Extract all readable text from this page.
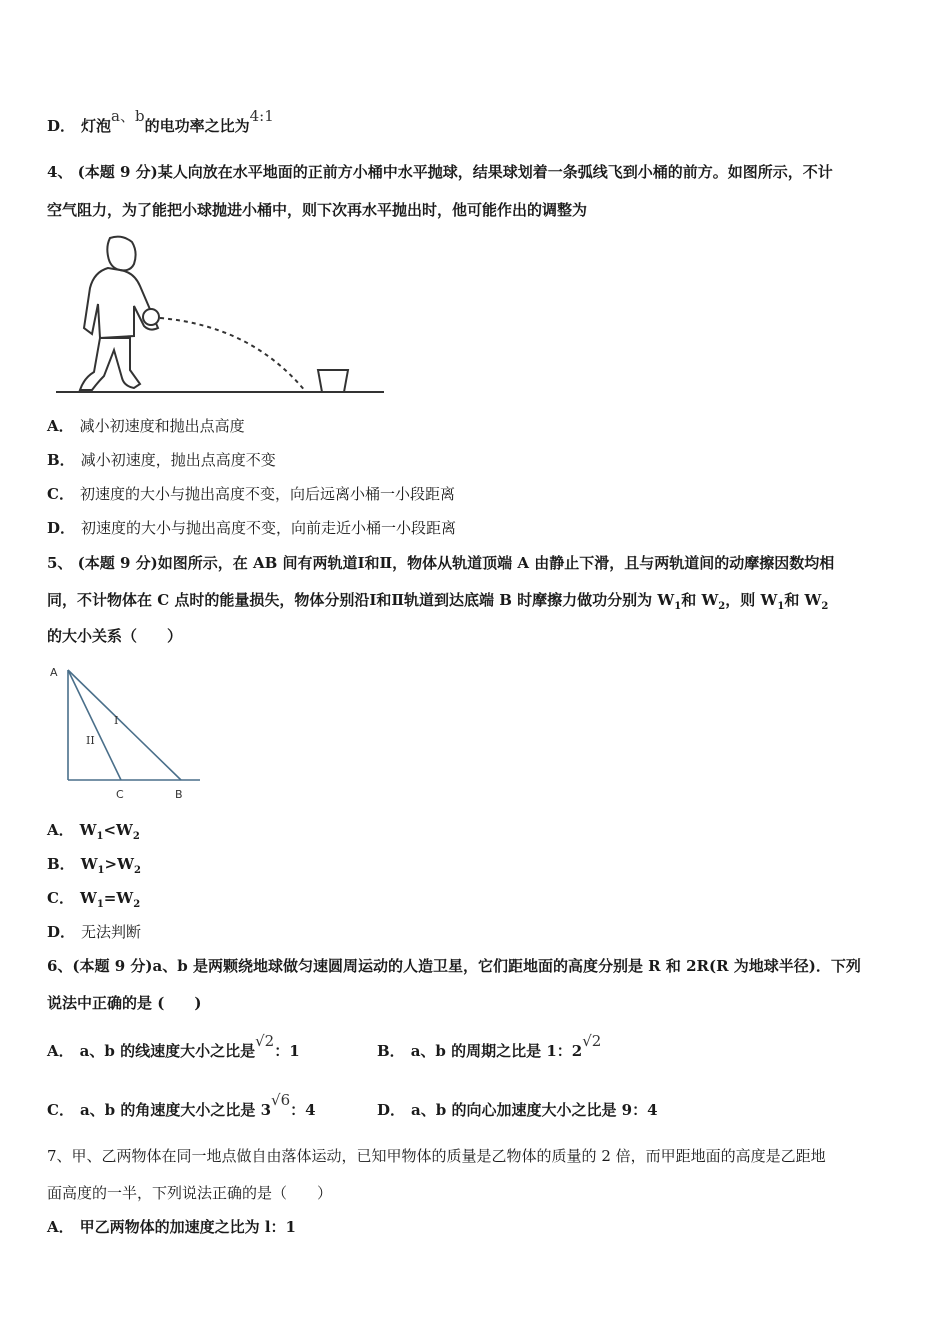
D． 灯泡a、b的电功率之比为4:1
4、 (本题 9 分)某人向放在水平地面的正前方小桶中水平抛球，结果球划着一条弧线飞到小桶的前方。如图所示，不计
空气阻力，为了能把小球抛进小桶中，则下次再水平抛出时，他可能作出的调整为
A． 减小初速度和抛出点高度
B． 减小初速度，抛出点高度不变
C． 初速度的大小与抛出高度不变，向后远离小桶一小段距离
D． 初速度的大小与抛出高度不变，向前走近小桶一小段距离
5、 (本题 9 分)如图所示，在 AB 间有两轨道Ⅰ和Ⅱ，物体从轨道顶端 A 由静止下滑，且与两轨道间的动摩擦因数均相
同，不计物体在 C 点时的能量损失，物体分别沿Ⅰ和Ⅱ轨道到达底端 B 时摩擦力做功分别为 $W_1$和 $W_2$，则 $W_1$和 $W_2$
的大小关系（　　）
A
C	B
I
II
A． $W_1<W_2$
B． $W_1>W_2$
C． $W_1=W_2$
D． 无法判断
6、(本题 9 分)a、b 是两颗绕地球做匀速圆周运动的人造卫星，它们距地面的高度分别是 R 和 2R(R 为地球半径)．下列
说法中正确的是 (　　)
A． a、b 的线速度大小之比是√2：1	B． a、b 的周期之比是 1：2√2
C． a、b 的角速度大小之比是 3√6：4	D． a、b 的向心加速度大小之比是 9：4
7、甲、乙两物体在同一地点做自由落体运动，已知甲物体的质量是乙物体的质量的 2 倍，而甲距地面的高度是乙距地
面高度的一半，下列说法正确的是（　　）
A． 甲乙两物体的加速度之比为 l：1
